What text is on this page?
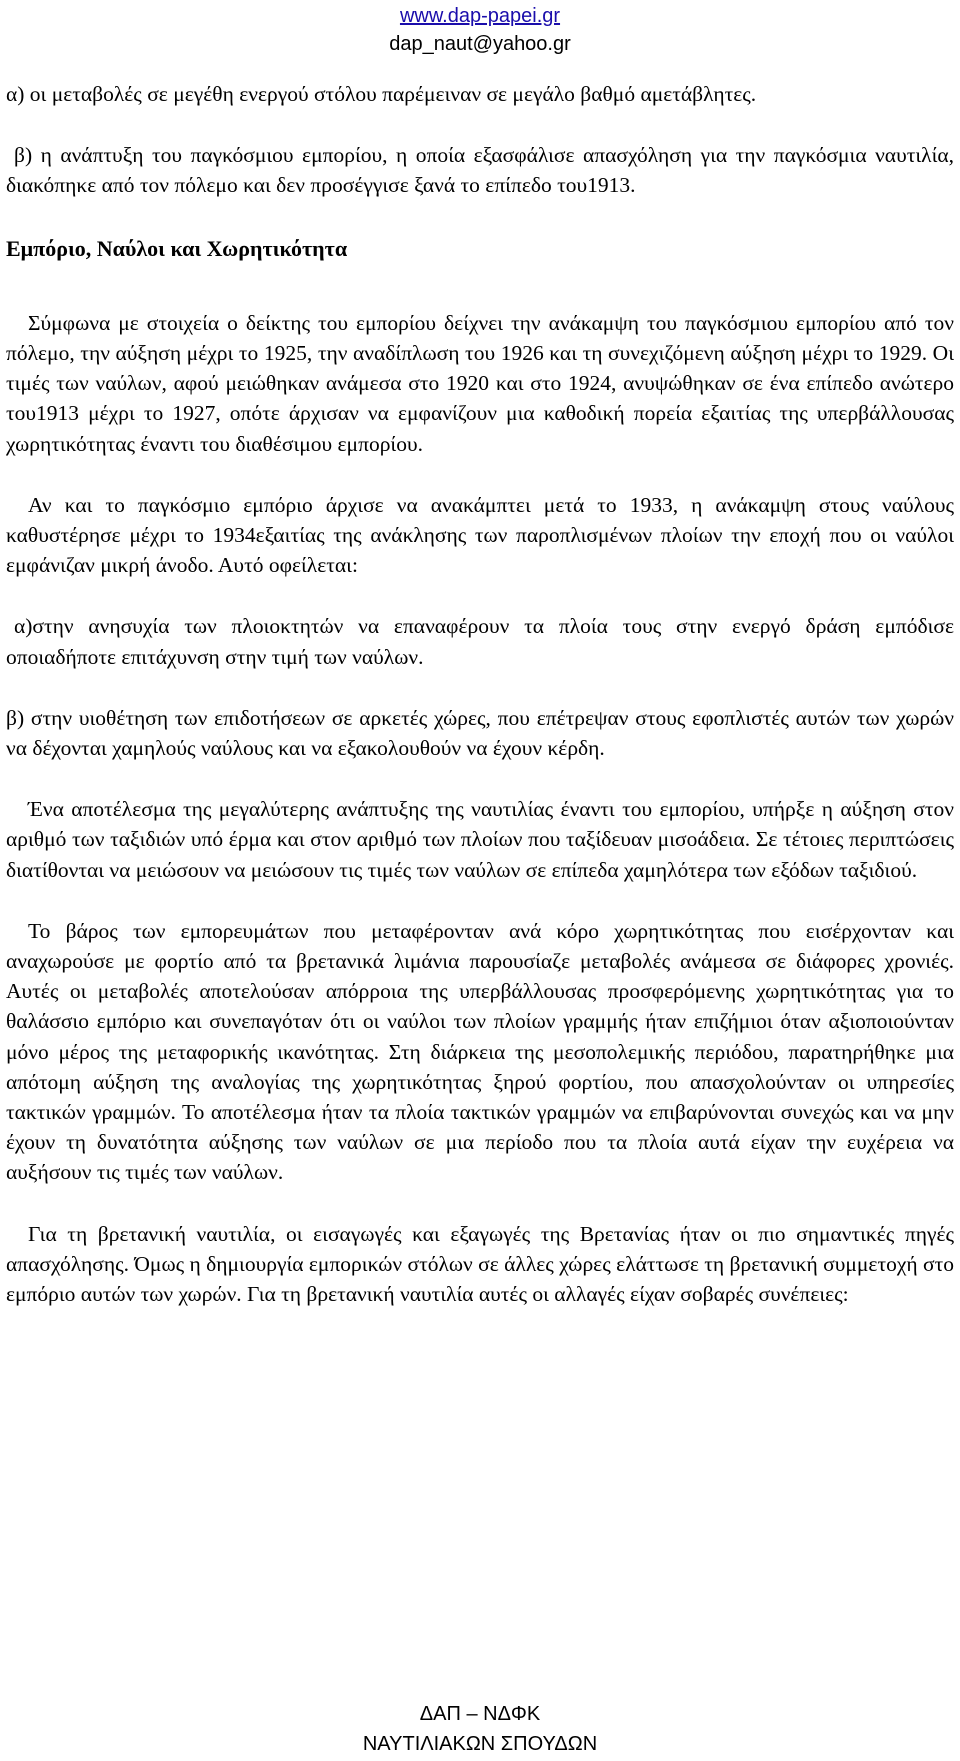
www.dap-papei.gr
dap_naut@yahoo.gr

α) οι μεταβολές σε μεγέθη ενεργού στόλου παρέμειναν σε μεγάλο βαθμό αμετάβλητες.

β) η ανάπτυξη του παγκόσμιου εμπορίου, η οποία εξασφάλισε απασχόληση για την παγκόσμια ναυτιλία, διακόπηκε από τον πόλεμο και δεν προσέγγισε ξανά το επίπεδο του1913.

Εμπόριο, Ναύλοι και Χωρητικότητα

Σύμφωνα με στοιχεία ο δείκτης του εμπορίου δείχνει την ανάκαμψη του παγκόσμιου εμπορίου από τον πόλεμο, την αύξηση μέχρι το 1925, την αναδίπλωση του 1926 και τη συνεχιζόμενη αύξηση μέχρι το 1929. Οι τιμές των ναύλων, αφού μειώθηκαν ανάμεσα στο 1920 και στο 1924, ανυψώθηκαν σε ένα επίπεδο ανώτερο του1913 μέχρι το 1927, οπότε άρχισαν να εμφανίζουν μια καθοδική πορεία εξαιτίας της υπερβάλλουσας χωρητικότητας έναντι του διαθέσιμου εμπορίου.

Αν και το παγκόσμιο εμπόριο άρχισε να ανακάμπτει μετά το 1933, η ανάκαμψη στους ναύλους καθυστέρησε μέχρι το 1934εξαιτίας της ανάκλησης των παροπλισμένων πλοίων την εποχή που οι ναύλοι εμφάνιζαν μικρή άνοδο. Αυτό οφείλεται:

α)στην ανησυχία των πλοιοκτητών να επαναφέρουν τα πλοία τους στην ενεργό δράση εμπόδισε οποιαδήποτε επιτάχυνση στην τιμή των ναύλων.

β) στην υιοθέτηση των επιδοτήσεων σε αρκετές χώρες, που επέτρεψαν στους εφοπλιστές αυτών των χωρών να δέχονται χαμηλούς ναύλους και να εξακολουθούν να έχουν κέρδη.

Ένα αποτέλεσμα της μεγαλύτερης ανάπτυξης της ναυτιλίας έναντι του εμπορίου, υπήρξε η αύξηση στον αριθμό των ταξιδιών υπό έρμα και στον αριθμό των πλοίων που ταξίδευαν μισοάδεια. Σε τέτοιες περιπτώσεις διατίθονται να μειώσουν να μειώσουν τις τιμές των ναύλων σε επίπεδα χαμηλότερα των εξόδων ταξιδιού.

Το βάρος των εμπορευμάτων που μεταφέρονταν ανά κόρο χωρητικότητας που εισέρχονταν και αναχωρούσε με φορτίο από τα βρετανικά λιμάνια παρουσίαζε μεταβολές ανάμεσα σε διάφορες χρονιές. Αυτές οι μεταβολές αποτελούσαν απόρροια της υπερβάλλουσας προσφερόμενης χωρητικότητας για το θαλάσσιο εμπόριο και συνεπαγόταν ότι οι ναύλοι των πλοίων γραμμής ήταν επιζήμιοι όταν αξιοποιούνταν μόνο μέρος της μεταφορικής ικανότητας. Στη διάρκεια της μεσοπολεμικής περιόδου, παρατηρήθηκε μια απότομη αύξηση της αναλογίας της χωρητικότητας ξηρού φορτίου, που απασχολούνταν οι υπηρεσίες τακτικών γραμμών. Το αποτέλεσμα ήταν τα πλοία τακτικών γραμμών να επιβαρύνονται συνεχώς και να μην έχουν τη δυνατότητα αύξησης των ναύλων σε μια περίοδο που τα πλοία αυτά είχαν την ευχέρεια να αυξήσουν τις τιμές των ναύλων.

Για τη βρετανική ναυτιλία, οι εισαγωγές και εξαγωγές της Βρετανίας ήταν οι πιο σημαντικές πηγές απασχόλησης. Όμως η δημιουργία εμπορικών στόλων σε άλλες χώρες ελάττωσε τη βρετανική συμμετοχή στο εμπόριο αυτών των χωρών. Για τη βρετανική ναυτιλία αυτές οι αλλαγές είχαν σοβαρές συνέπειες:

ΔΑΠ – ΝΔΦΚ
ΝΑΥΤΙΛΙΑΚΩΝ ΣΠΟΥΔΩΝ
